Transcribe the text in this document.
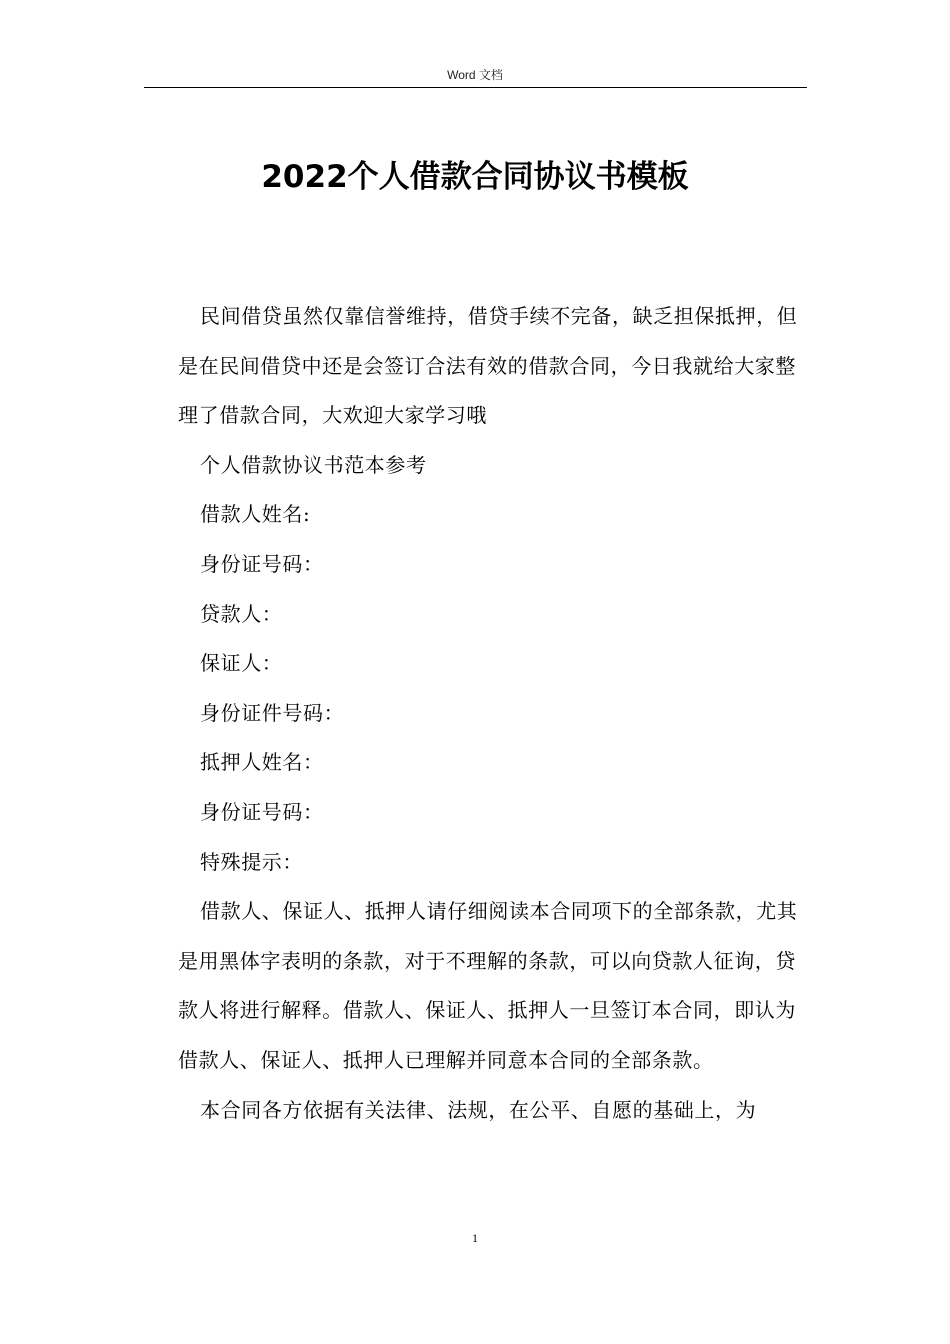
Word 文档
2022个人借款合同协议书模板

民间借贷虽然仅靠信誉维持，借贷手续不完备，缺乏担保抵押，但是在民间借贷中还是会签订合法有效的借款合同，今日我就给大家整理了借款合同，大欢迎大家学习哦

个人借款协议书范本参考

借款人姓名:

身份证号码：

贷款人：

保证人：

身份证件号码：

抵押人姓名：

身份证号码：

特殊提示：

借款人、保证人、抵押人请仔细阅读本合同项下的全部条款，尤其是用黑体字表明的条款，对于不理解的条款，可以向贷款人征询，贷款人将进行解释。借款人、保证人、抵押人一旦签订本合同，即认为借款人、保证人、抵押人已理解并同意本合同的全部条款。

本合同各方依据有关法律、法规，在公平、自愿的基础上，为

1
